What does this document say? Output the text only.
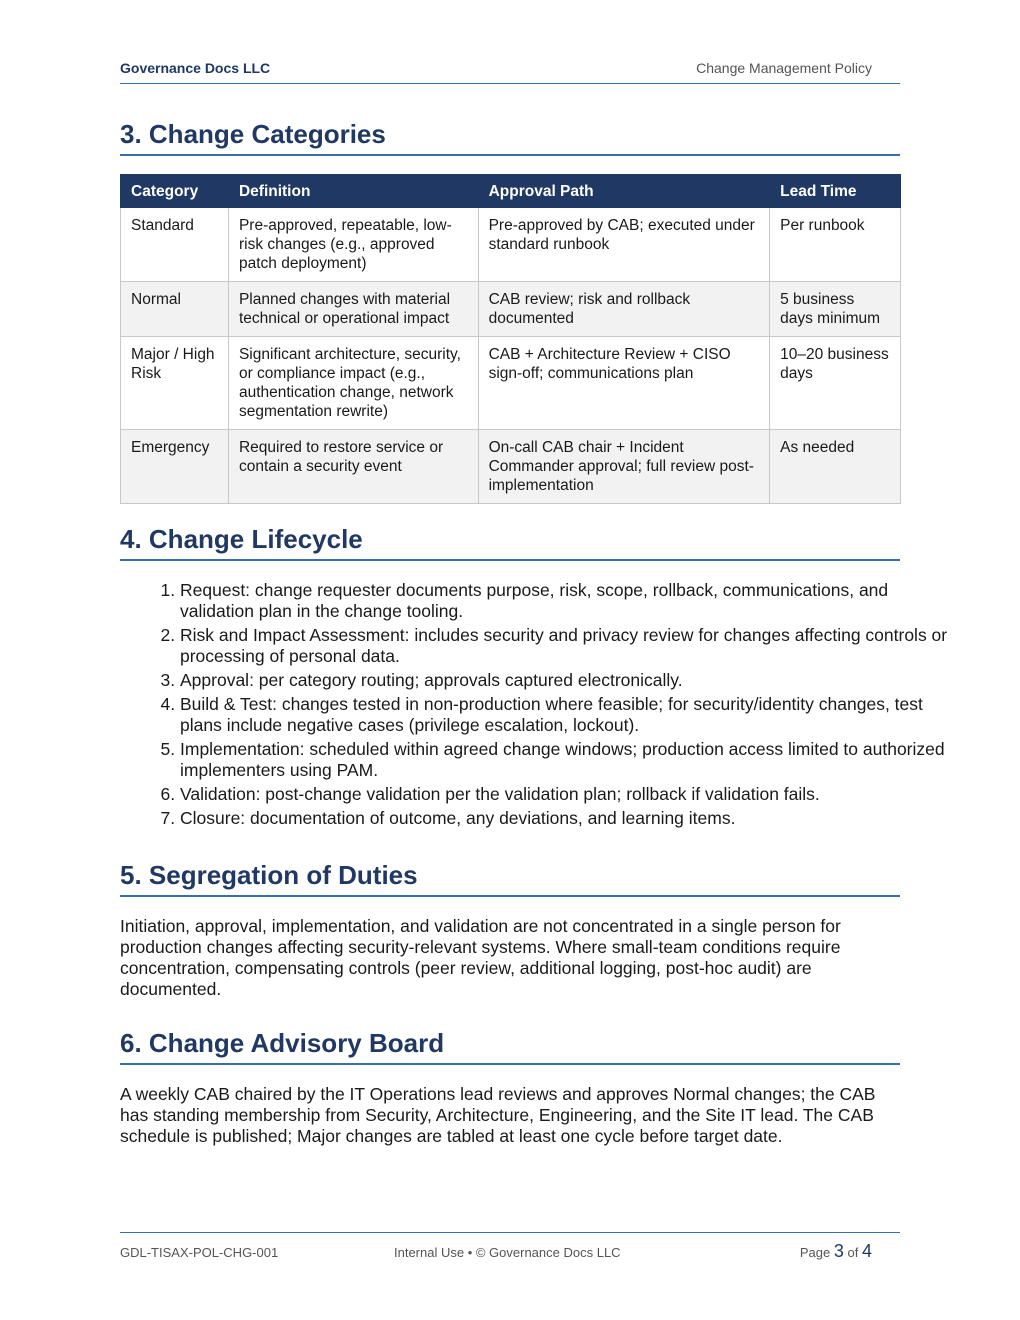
Governance Docs LLC	Change Management Policy
3. Change Categories
Category	Definition	Approval Path	Lead Time
Standard	Pre-approved, repeatable, low-risk changes (e.g., approved patch deployment)	Pre-approved by CAB; executed under standard runbook	Per runbook
Normal	Planned changes with material technical or operational impact	CAB review; risk and rollback documented	5 business days minimum
Major / High Risk	Significant architecture, security, or compliance impact (e.g., authentication change, network segmentation rewrite)	CAB + Architecture Review + CISO sign-off; communications plan	10–20 business days
Emergency	Required to restore service or contain a security event	On-call CAB chair + Incident Commander approval; full review post-implementation	As needed
4. Change Lifecycle
1. Request: change requester documents purpose, risk, scope, rollback, communications, and validation plan in the change tooling.
2. Risk and Impact Assessment: includes security and privacy review for changes affecting controls or processing of personal data.
3. Approval: per category routing; approvals captured electronically.
4. Build & Test: changes tested in non-production where feasible; for security/identity changes, test plans include negative cases (privilege escalation, lockout).
5. Implementation: scheduled within agreed change windows; production access limited to authorized implementers using PAM.
6. Validation: post-change validation per the validation plan; rollback if validation fails.
7. Closure: documentation of outcome, any deviations, and learning items.
5. Segregation of Duties

Initiation, approval, implementation, and validation are not concentrated in a single person for production changes affecting security-relevant systems. Where small-team conditions require concentration, compensating controls (peer review, additional logging, post-hoc audit) are documented.

6. Change Advisory Board

A weekly CAB chaired by the IT Operations lead reviews and approves Normal changes; the CAB has standing membership from Security, Architecture, Engineering, and the Site IT lead. The CAB schedule is published; Major changes are tabled at least one cycle before target date.

GDL-TISAX-POL-CHG-001	Internal Use • © Governance Docs LLC	Page 3 of 4
